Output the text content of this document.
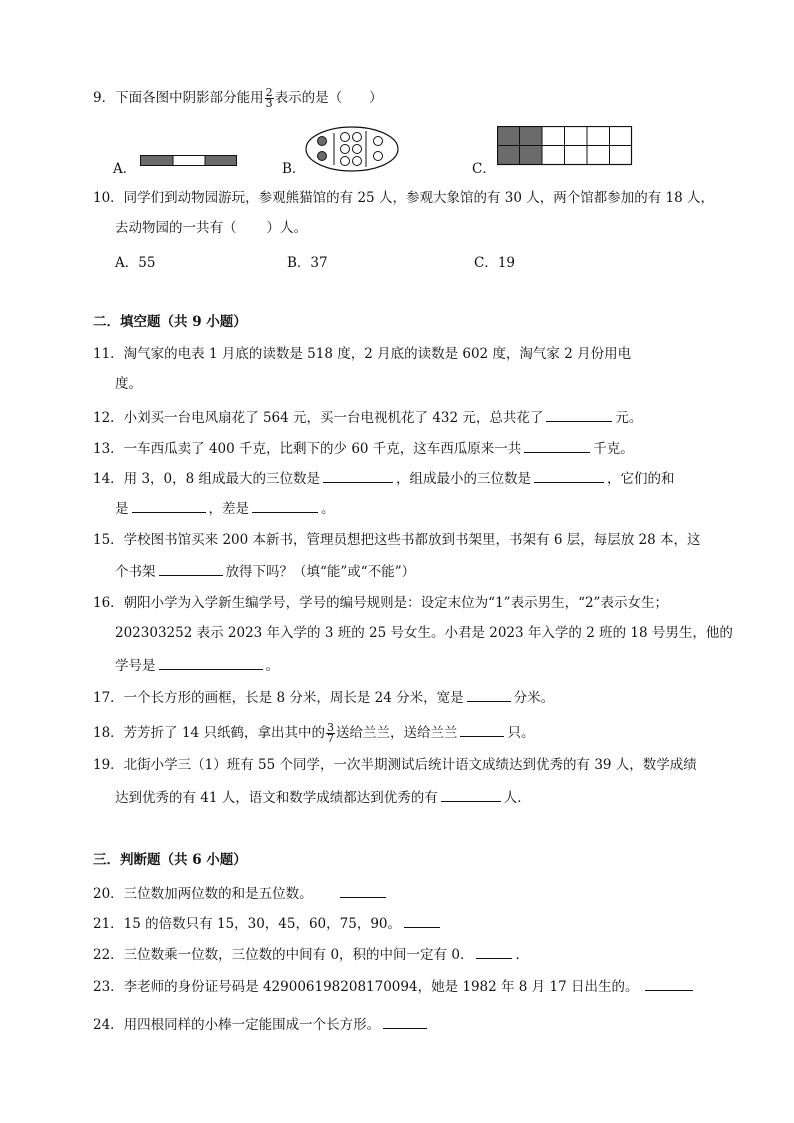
9．下面各图中阴影部分能用 $\frac{2}{3}$ 表示的是（　　）
A．	B．	C．
10．同学们到动物园游玩，参观熊猫馆的有 25 人，参观大象馆的有 30 人，两个馆都参加的有 18 人，
去动物园的一共有（ ）人。
A．55	B．37	C．19
二．填空题（共 9 小题）
11．淘气家的电表 1 月底的读数是 518 度，2 月底的读数是 602 度，淘气家 2 月份用电
度。
12．小刘买一台电风扇花了 564 元，买一台电视机花了 432 元，总共花了	元。
13．一车西瓜卖了 400 千克，比剩下的少 60 千克，这车西瓜原来一共	千克。
14．用 3，0，8 组成最大的三位数是	，组成最小的三位数是	，它们的和
是	，差是	。
15．学校图书馆买来 200 本新书，管理员想把这些书都放到书架里，书架有 6 层，每层放 28 本，这
个书架	放得下吗？（填“能”或“不能”）
16．朝阳小学为入学新生编学号，学号的编号规则是：设定末位为“1”表示男生，“2”表示女生；
202303252 表示 2023 年入学的 3 班的 25 号女生。小君是 2023 年入学的 2 班的 18 号男生，他的
学号是	。
17．一个长方形的画框，长是 8 分米，周长是 24 分米，宽是	分米。
18．芳芳折了 14 只纸鹤，拿出其中的 $\frac{3}{7}$ 送给兰兰，送给兰兰	只。
19．北街小学三（1）班有 55 个同学，一次半期测试后统计语文成绩达到优秀的有 39 人，数学成绩
达到优秀的有 41 人，语文和数学成绩都达到优秀的有	人．
三．判断题（共 6 小题）
20．三位数加两位数的和是五位数。
21．15 的倍数只有 15，30，45，60，75，90。
22．三位数乘一位数，三位数的中间有 0，积的中间一定有 0．	．
23．李老师的身份证号码是 429006198208170094，她是 1982 年 8 月 17 日出生的。
24．用四根同样的小棒一定能围成一个长方形。
